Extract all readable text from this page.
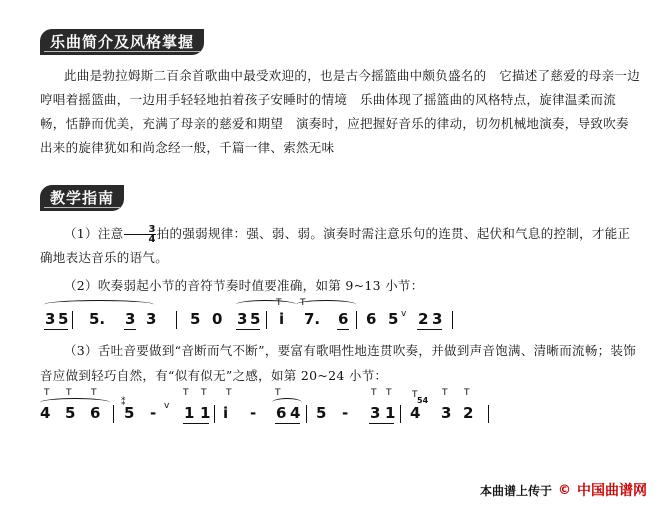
乐曲简介及风格掌握

此曲是勃拉姆斯二百余首歌曲中最受欢迎的，也是古今摇篮曲中颇负盛名的　它描述了慈爱的母亲一边哼唱着摇篮曲，一边用手轻轻地拍着孩子安睡时的情境　乐曲体现了摇篮曲的风格特点，旋律温柔而流畅，恬静而优美，充满了母亲的慈爱和期望　演奏时，应把握好音乐的律动，切勿机械地演奏，导致吹奏出来的旋律犹如和尚念经一般，千篇一律、索然无味

教学指南

（1）注意 $\frac{3}{4}$ 拍的强弱规律：强、弱、弱。演奏时需注意乐句的连贯、起伏和气息的控制，才能正确地表达音乐的语气。

（2）吹奏弱起小节的音符节奏时值要准确，如第 9~13 小节：

T T
3 5 5. 3 3 5 0 3 5 i 7. 6 6 5 v 2 3

（3）舌吐音要做到“音断而气不断”，要富有歌唱性地连贯吹奏，并做到声音饱满、清晰而流畅；装饰音应做到轻巧自然，有“似有似无”之感，如第 20~24 小节：

T T T
4 5 6
T T
⁑
5 - v 1 1
T	T
i - 6 4
T T
5 - 3 1
T
54
T T
4 3 2
本曲谱上传于 © 中国曲谱网
